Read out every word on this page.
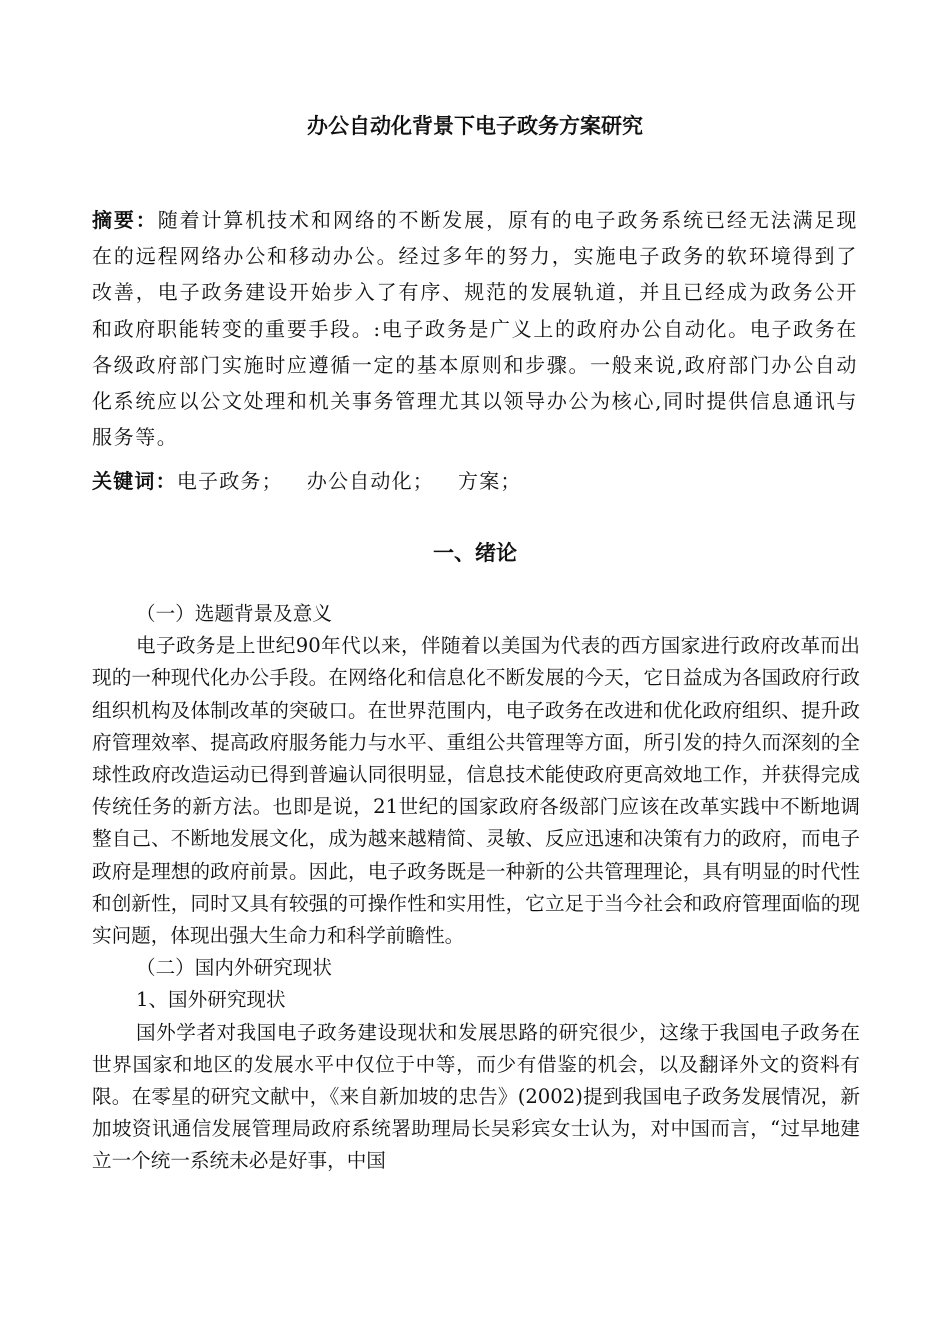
办公自动化背景下电子政务方案研究

摘要：随着计算机技术和网络的不断发展，原有的电子政务系统已经无法满足现在的远程网络办公和移动办公。经过多年的努力，实施电子政务的软环境得到了改善，电子政务建设开始步入了有序、规范的发展轨道，并且已经成为政务公开和政府职能转变的重要手段。:电子政务是广义上的政府办公自动化。电子政务在各级政府部门实施时应遵循一定的基本原则和步骤。一般来说,政府部门办公自动化系统应以公文处理和机关事务管理尤其以领导办公为核心,同时提供信息通讯与服务等。

关键词：电子政务； 办公自动化； 方案；

一、绪论

（一）选题背景及意义

电子政务是上世纪90年代以来，伴随着以美国为代表的西方国家进行政府改革而出现的一种现代化办公手段。在网络化和信息化不断发展的今天，它日益成为各国政府行政组织机构及体制改革的突破口。在世界范围内，电子政务在改进和优化政府组织、提升政府管理效率、提高政府服务能力与水平、重组公共管理等方面，所引发的持久而深刻的全球性政府改造运动已得到普遍认同很明显，信息技术能使政府更高效地工作，并获得完成传统任务的新方法。也即是说，21世纪的国家政府各级部门应该在改革实践中不断地调整自己、不断地发展文化，成为越来越精简、灵敏、反应迅速和决策有力的政府，而电子政府是理想的政府前景。因此，电子政务既是一种新的公共管理理论，具有明显的时代性和创新性，同时又具有较强的可操作性和实用性，它立足于当今社会和政府管理面临的现实问题，体现出强大生命力和科学前瞻性。

（二）国内外研究现状

1、国外研究现状

国外学者对我国电子政务建设现状和发展思路的研究很少，这缘于我国电子政务在世界国家和地区的发展水平中仅位于中等，而少有借鉴的机会，以及翻译外文的资料有限。在零星的研究文献中，《来自新加坡的忠告》(2002)提到我国电子政务发展情况，新加坡资讯通信发展管理局政府系统署助理局长吴彩宾女士认为，对中国而言，“过早地建立一个统一系统未必是好事，中国
